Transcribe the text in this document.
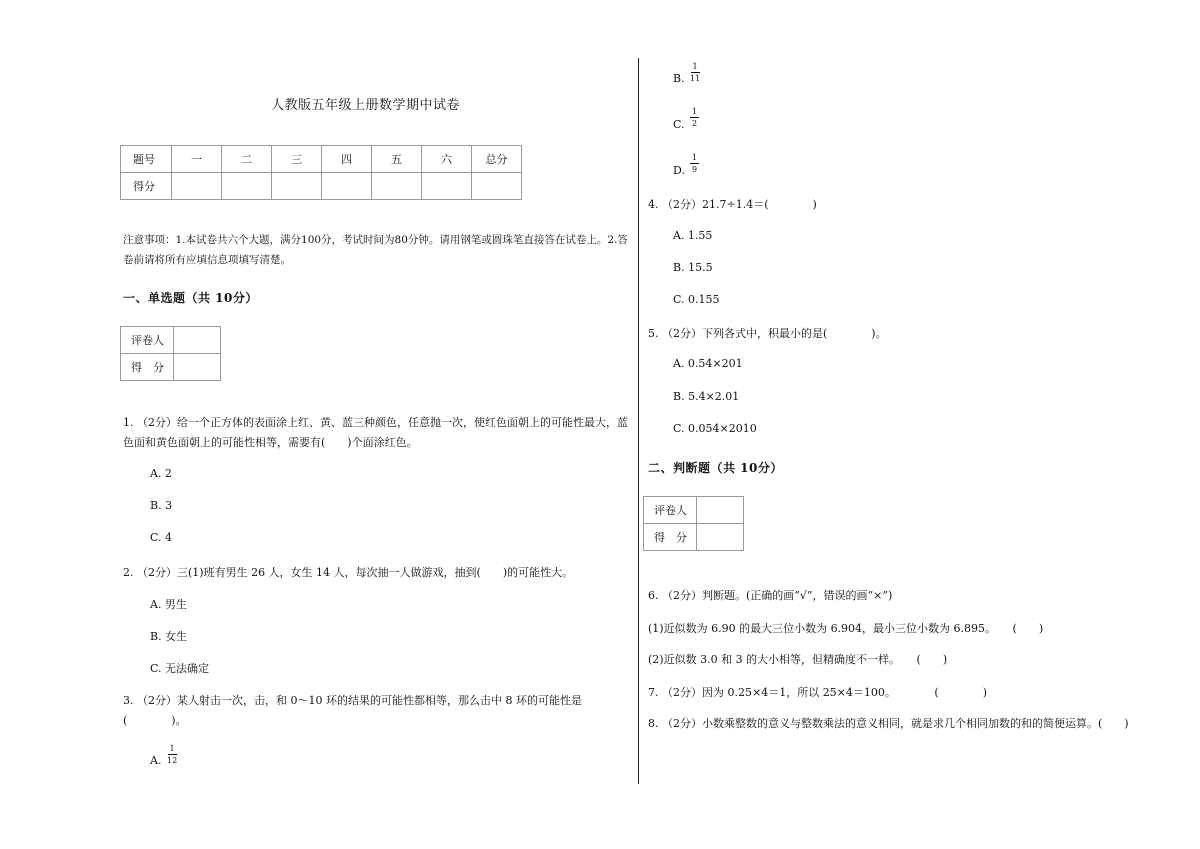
人教版五年级上册数学期中试卷
题号	一	二	三	四	五	六	总分
得分							
注意事项：1.本试卷共六个大题，满分100分，考试时间为80分钟。请用钢笔或圆珠笔直接答在试卷上。2.答卷前请将所有应填信息项填写清楚。
一、单选题（共 10分）
评卷人	
得　分	
1. （2分）给一个正方体的表面涂上红、黄、蓝三种颜色，任意抛一次，使红色面朝上的可能性最大，蓝色面和黄色面朝上的可能性相等，需要有(　　)个面涂红色。
A. 2
B. 3
C. 4
2. （2分）三(1)班有男生 26 人，女生 14 人，每次抽一人做游戏，抽到(　　)的可能性大。
A. 男生
B. 女生
C. 无法确定
3. （2分）某人射击一次，击，和 0～10 环的结果的可能性都相等，那么击中 8 环的可能性是(　　　　)。
A.
1
12
B.
1
11
C.
1
2
D.
1
9
4. （2分）21.7÷1.4＝(　　　　)
A. 1.55
B. 15.5
C. 0.155
5. （2分）下列各式中，积最小的是(　　　　)。
A. 0.54×201
B. 5.4×2.01
C. 0.054×2010
二、判断题（共 10分）
评卷人	
得　分	
6. （2分）判断题。(正确的画“√”，错误的画“×”)
(1)近似数为 6.90 的最大三位小数为 6.904，最小三位小数为 6.895。　　(　　)
(2)近似数 3.0 和 3 的大小相等，但精确度不一样。　　(　　)
7. （2分）因为 0.25×4＝1，所以 25×4＝100。　　　　(　　　　)
8. （2分）小数乘整数的意义与整数乘法的意义相同，就是求几个相同加数的和的简便运算。(　　)
